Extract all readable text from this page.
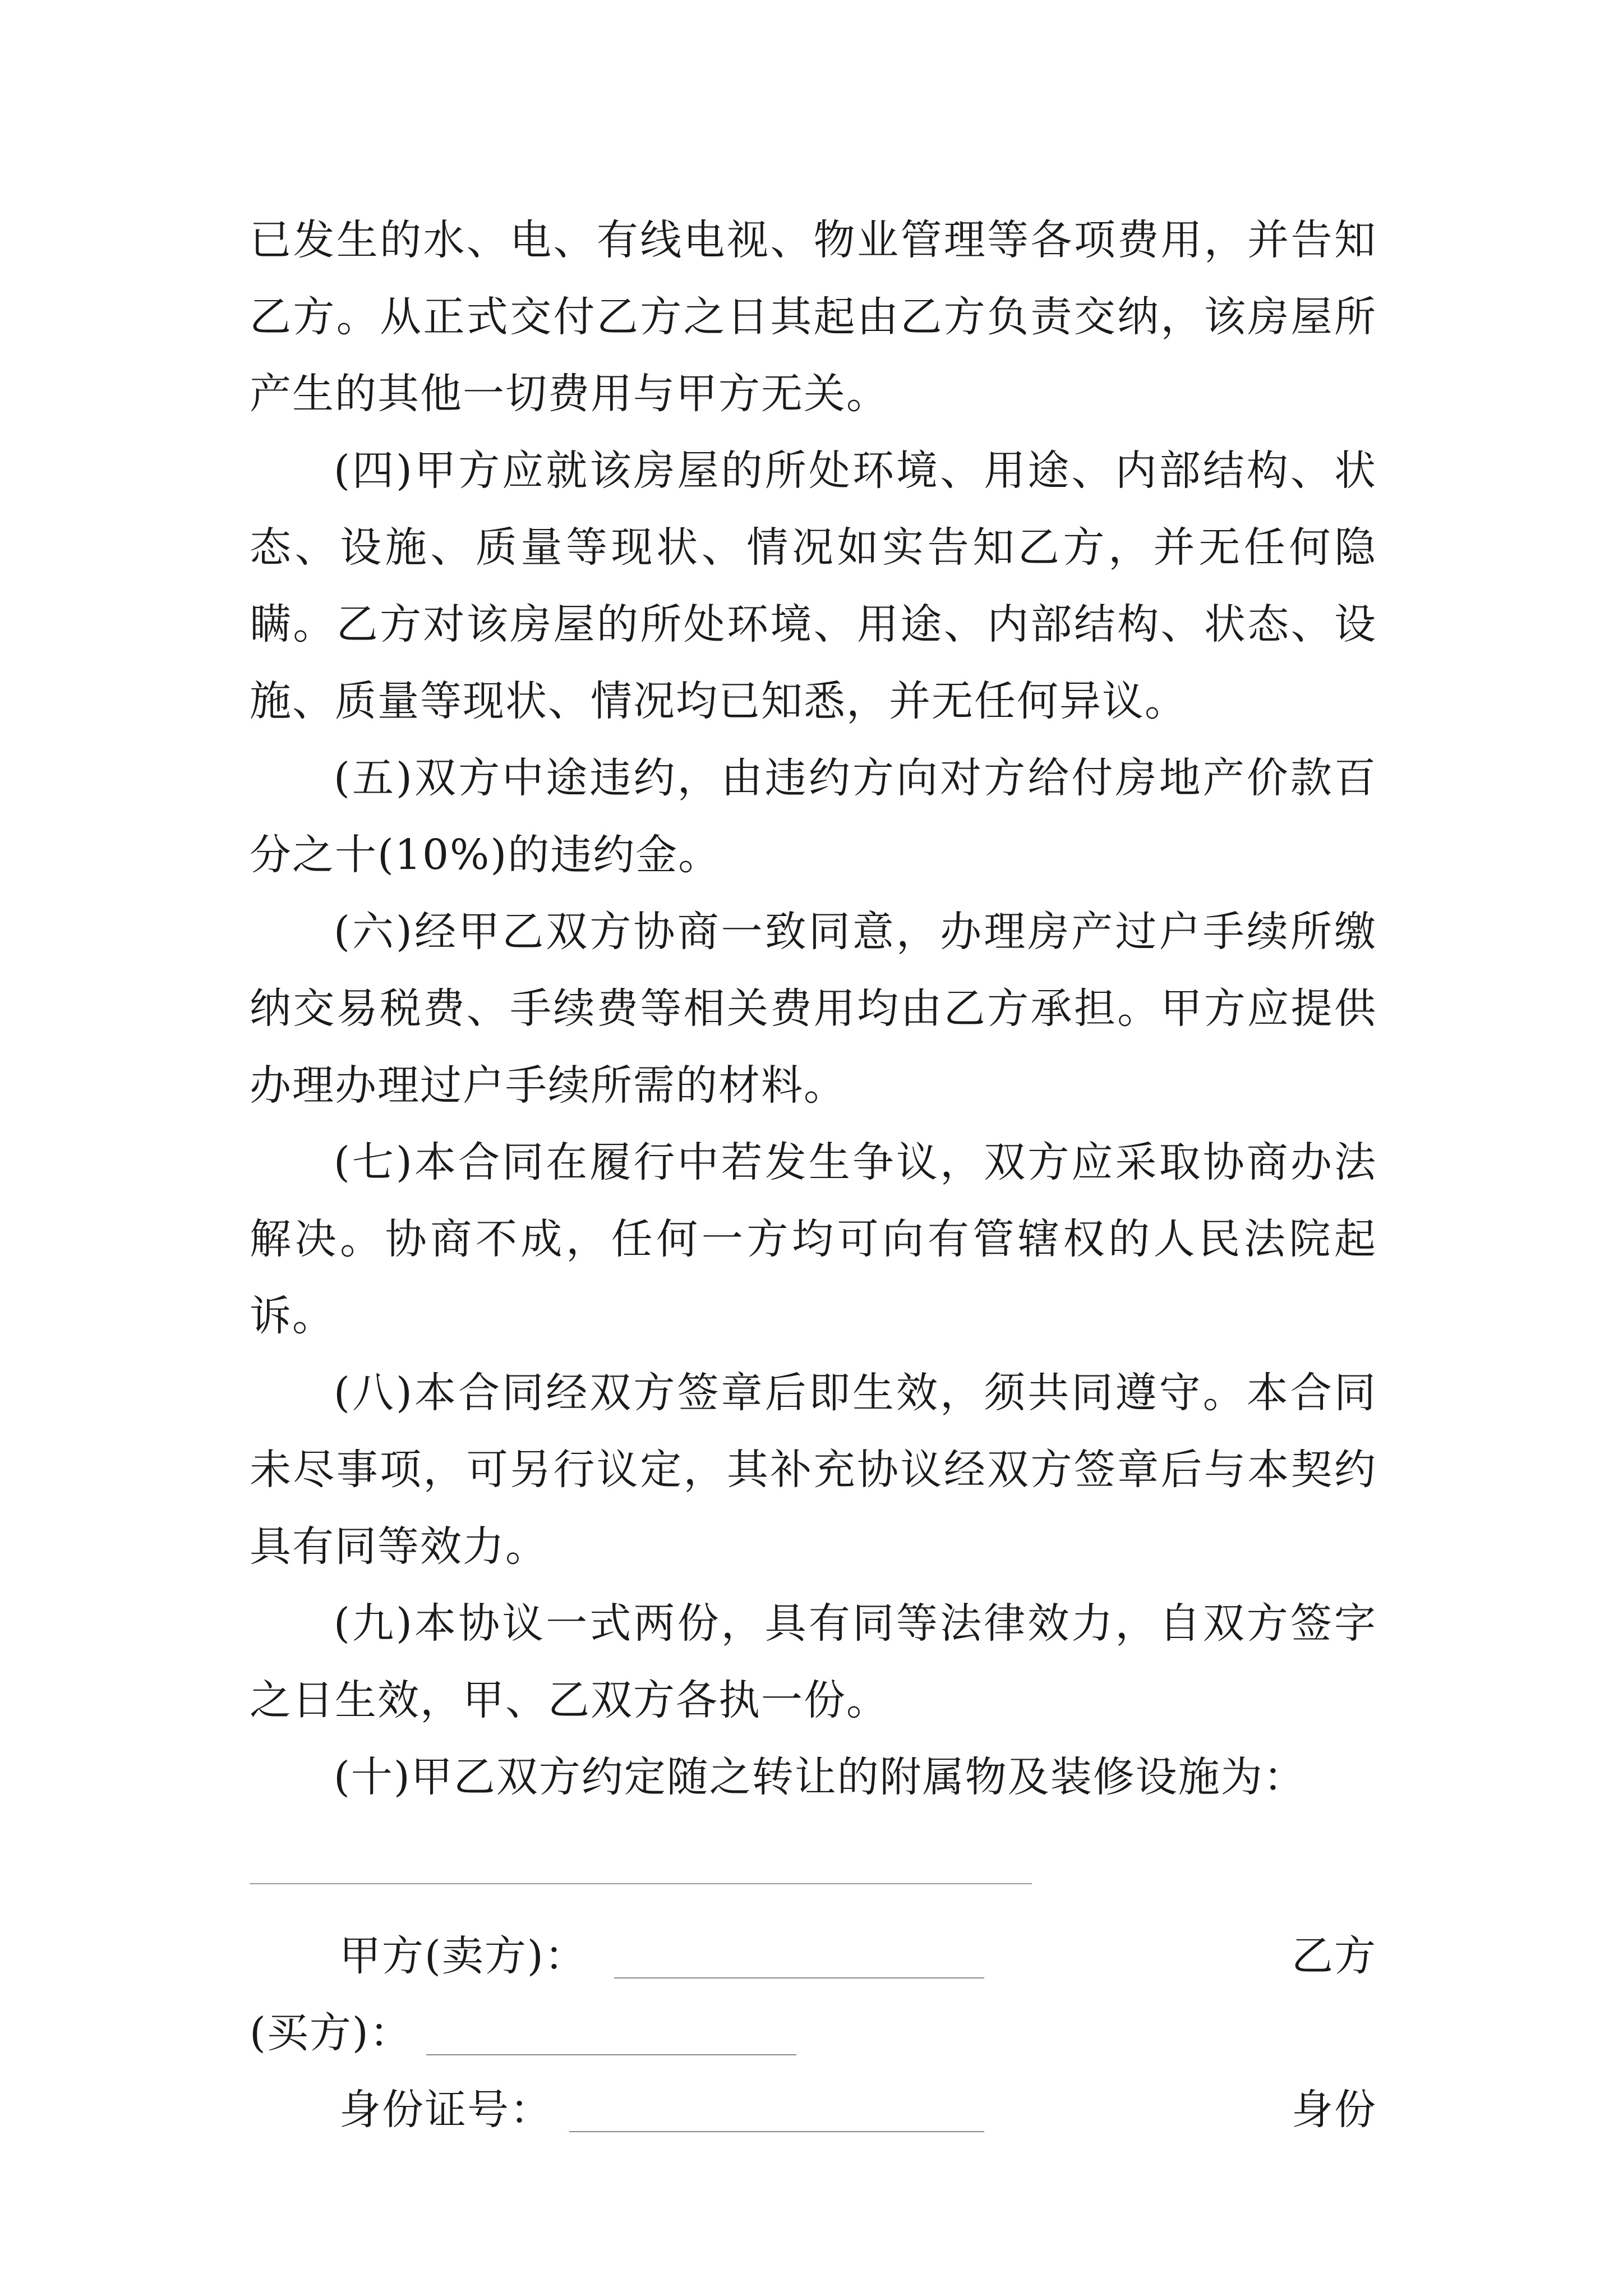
已发生的水、电、有线电视、物业管理等各项费用，并告知乙方。从正式交付乙方之日其起由乙方负责交纳，该房屋所产生的其他一切费用与甲方无关。

(四)甲方应就该房屋的所处环境、用途、内部结构、状态、设施、质量等现状、情况如实告知乙方，并无任何隐瞒。乙方对该房屋的所处环境、用途、内部结构、状态、设施、质量等现状、情况均已知悉，并无任何异议。

(五)双方中途违约，由违约方向对方给付房地产价款百分之十(10%)的违约金。

(六)经甲乙双方协商一致同意，办理房产过户手续所缴纳交易税费、手续费等相关费用均由乙方承担。甲方应提供办理办理过户手续所需的材料。

(七)本合同在履行中若发生争议，双方应采取协商办法解决。协商不成，任何一方均可向有管辖权的人民法院起诉。

(八)本合同经双方签章后即生效，须共同遵守。本合同未尽事项，可另行议定，其补充协议经双方签章后与本契约具有同等效力。

(九)本协议一式两份，具有同等法律效力，自双方签字之日生效，甲、乙双方各执一份。

(十)甲乙双方约定随之转让的附属物及装修设施为：

甲方(卖方)：	乙方
(买方)：
身份证号：	身份
